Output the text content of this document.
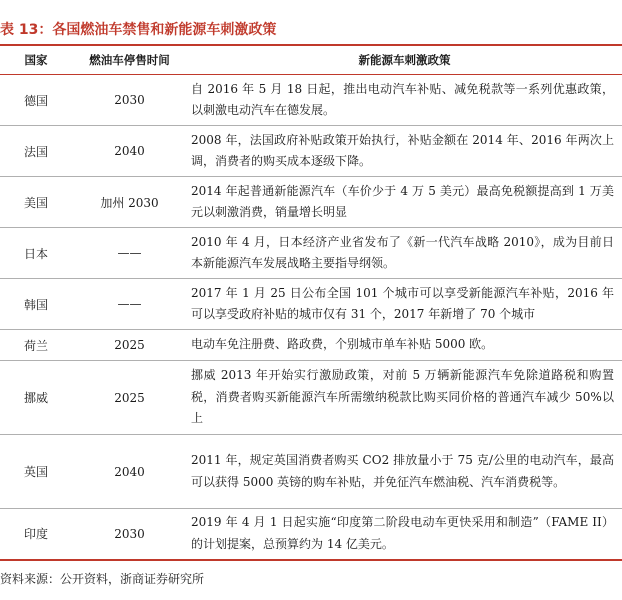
表 13：各国燃油车禁售和新能源车刺激政策
国家	燃油车停售时间	新能源车刺激政策
德国	2030	自 2016 年 5 月 18 日起，推出电动汽车补贴、减免税款等一系列优惠政策，以刺激电动汽车在德发展。
法国	2040	2008 年，法国政府补贴政策开始执行，补贴金额在 2014 年、2016 年两次上调，消费者的购买成本逐级下降。
美国	加州 2030	2014 年起普通新能源汽车（车价少于 4 万 5 美元）最高免税额提高到 1 万美元以刺激消费，销量增长明显
日本	——	2010 年 4 月，日本经济产业省发布了《新一代汽车战略 2010》，成为目前日本新能源汽车发展战略主要指导纲领。
韩国	——	2017 年 1 月 25 日公布全国 101 个城市可以享受新能源汽车补贴，2016 年可以享受政府补贴的城市仅有 31 个，2017 年新增了 70 个城市
荷兰	2025	电动车免注册费、路政费，个别城市单车补贴 5000 欧。
挪威	2025	挪威 2013 年开始实行激励政策，对前 5 万辆新能源汽车免除道路税和购置税，消费者购买新能源汽车所需缴纳税款比购买同价格的普通汽车减少 50%以上
英国	2040	2011 年，规定英国消费者购买 CO2 排放量小于 75 克/公里的电动汽车，最高可以获得 5000 英镑的购车补贴，并免征汽车燃油税、汽车消费税等。
印度	2030	2019 年 4 月 1 日起实施“印度第二阶段电动车更快采用和制造”（FAME II）的计划提案，总预算约为 14 亿美元。
资料来源：公开资料，浙商证券研究所
